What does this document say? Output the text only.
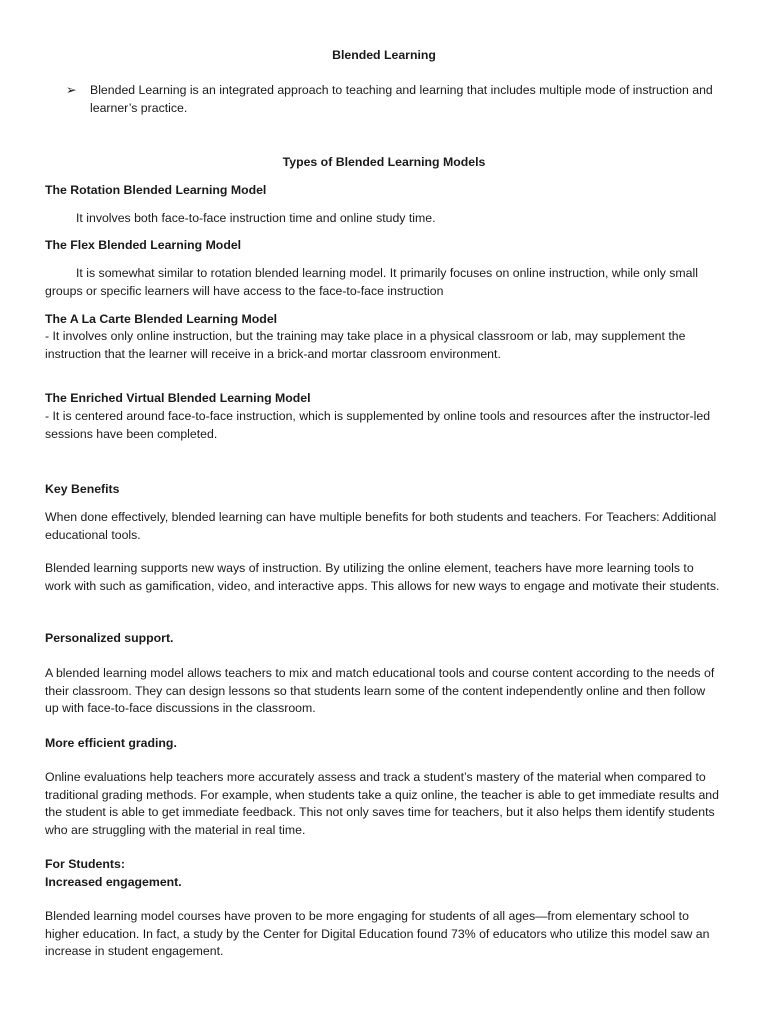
Blended Learning
➢ Blended Learning is an integrated approach to teaching and learning that includes multiple mode of instruction and learner’s practice.
Types of Blended Learning Models
The Rotation Blended Learning Model
It involves both face-to-face instruction time and online study time.
The Flex Blended Learning Model
It is somewhat similar to rotation blended learning model. It primarily focuses on online instruction, while only small groups or specific learners will have access to the face-to-face instruction
The A La Carte Blended Learning Model
- It involves only online instruction, but the training may take place in a physical classroom or lab, may supplement the instruction that the learner will receive in a brick-and mortar classroom environment.
The Enriched Virtual Blended Learning Model
- It is centered around face-to-face instruction, which is supplemented by online tools and resources after the instructor-led sessions have been completed.
Key Benefits
When done effectively, blended learning can have multiple benefits for both students and teachers. For Teachers: Additional educational tools.
Blended learning supports new ways of instruction. By utilizing the online element, teachers have more learning tools to work with such as gamification, video, and interactive apps. This allows for new ways to engage and motivate their students.
Personalized support.
A blended learning model allows teachers to mix and match educational tools and course content according to the needs of their classroom. They can design lessons so that students learn some of the content independently online and then follow up with face-to-face discussions in the classroom.
More efficient grading.
Online evaluations help teachers more accurately assess and track a student’s mastery of the material when compared to traditional grading methods. For example, when students take a quiz online, the teacher is able to get immediate results and the student is able to get immediate feedback. This not only saves time for teachers, but it also helps them identify students who are struggling with the material in real time.
For Students:
Increased engagement.
Blended learning model courses have proven to be more engaging for students of all ages—from elementary school to higher education. In fact, a study by the Center for Digital Education found 73% of educators who utilize this model saw an increase in student engagement.
